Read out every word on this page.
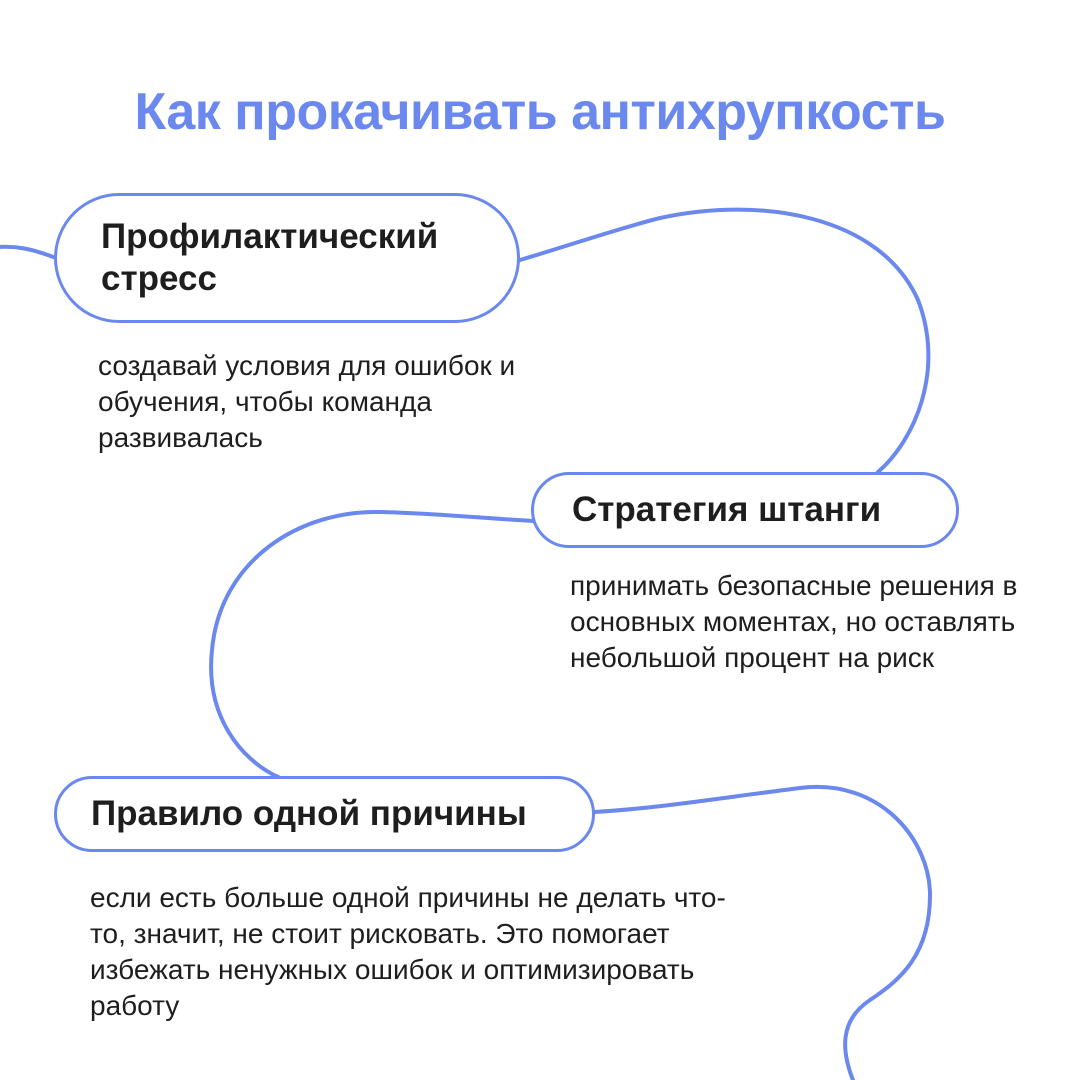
Как прокачивать антихрупкость
Профилактический
стресс

создавай условия для ошибок и обучения, чтобы команда развивалась

Стратегия штанги

принимать безопасные решения в основных моментах, но оставлять небольшой процент на риск

Правило одной причины

если есть больше одной причины не делать что-то, значит, не стоит рисковать. Это помогает избежать ненужных ошибок и оптимизировать работу
